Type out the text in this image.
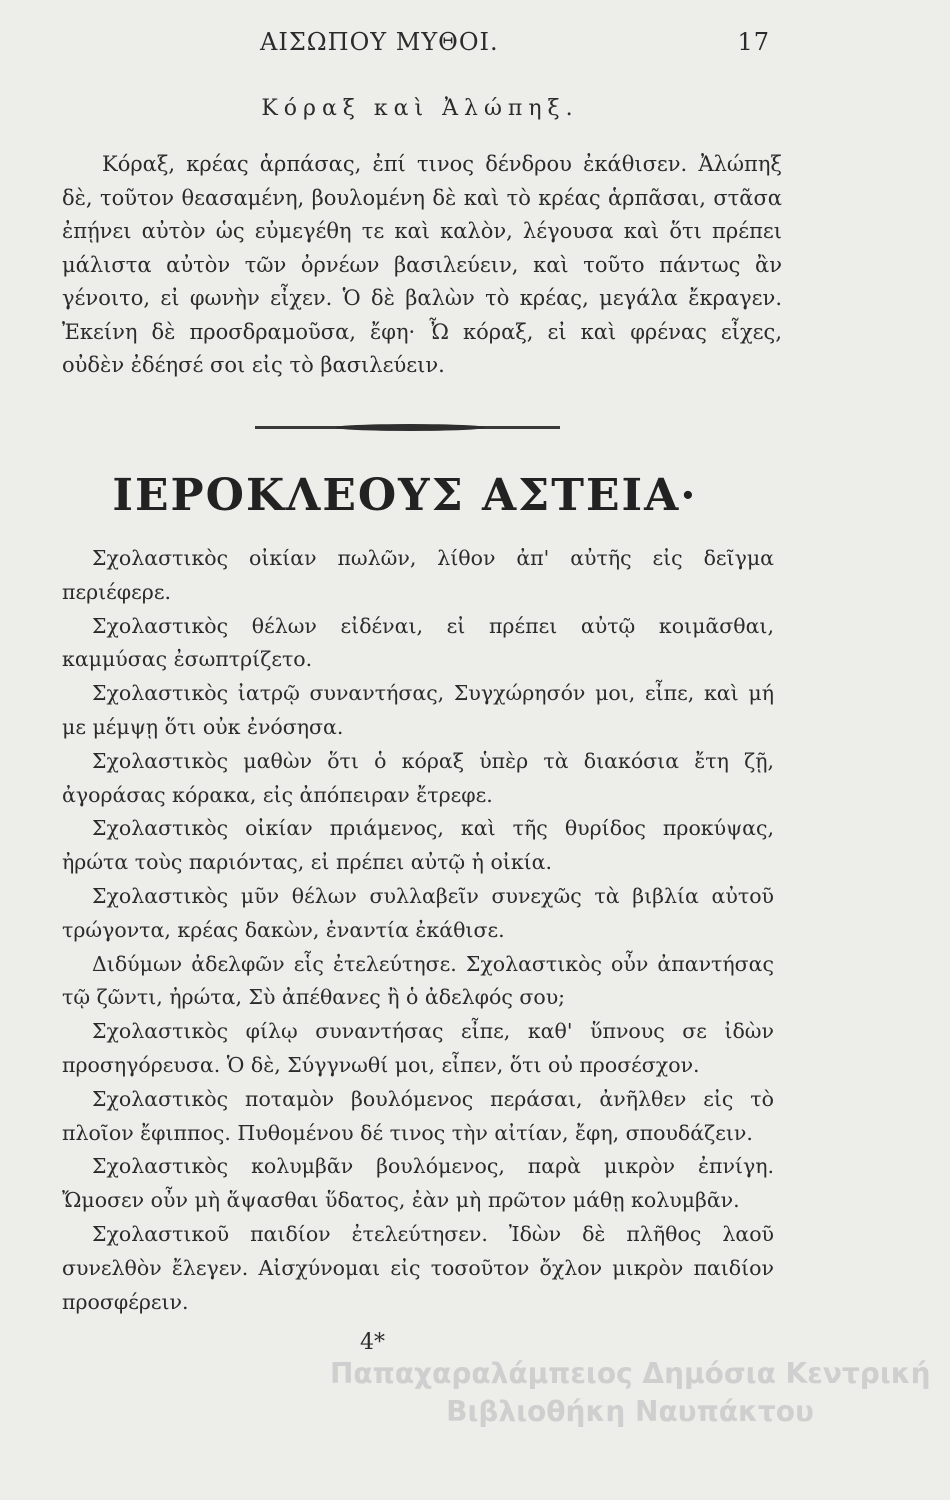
ΑΙΣΩΠΟΥ ΜΥΘΟΙ.	17
Κόραξ καὶ Ἀλώπηξ.

Κόραξ, κρέας ἁρπάσας, ἐπί τινος δένδρου ἐκάθισεν. Ἀλώπηξ δὲ, τοῦτον θεασαμένη, βουλομένη δὲ καὶ τὸ κρέας ἁρπᾶσαι, στᾶσα ἐπῄνει αὐτὸν ὡς εὐμεγέθη τε καὶ καλὸν, λέγουσα καὶ ὅτι πρέπει μάλιστα αὐτὸν τῶν ὀρνέων βασιλεύειν, καὶ τοῦτο πάντως ἂν γένοιτο, εἰ φωνὴν εἶχεν. Ὁ δὲ βαλὼν τὸ κρέας, μεγάλα ἔκραγεν. Ἐκείνη δὲ προσδραμοῦσα, ἔφη· Ὦ κόραξ, εἰ καὶ φρένας εἶχες, οὐδὲν ἐδέησέ σοι εἰς τὸ βασιλεύειν.

ΙΕΡΟΚΛΕΟΥΣ ΑΣΤΕΙΑ·

Σχολαστικὸς οἰκίαν πωλῶν, λίθον ἀπ' αὐτῆς εἰς δεῖγμα περιέφερε.

Σχολαστικὸς θέλων εἰδέναι, εἰ πρέπει αὐτῷ κοιμᾶσθαι, καμμύσας ἐσωπτρίζετο.

Σχολαστικὸς ἰατρῷ συναντήσας, Συγχώρησόν μοι, εἶπε, καὶ μή με μέμψῃ ὅτι οὐκ ἐνόσησα.

Σχολαστικὸς μαθὼν ὅτι ὁ κόραξ ὑπὲρ τὰ διακόσια ἔτη ζῇ, ἀγοράσας κόρακα, εἰς ἀπόπειραν ἔτρεφε.

Σχολαστικὸς οἰκίαν πριάμενος, καὶ τῆς θυρίδος προκύψας, ἠρώτα τοὺς παριόντας, εἰ πρέπει αὐτῷ ἡ οἰκία.

Σχολαστικὸς μῦν θέλων συλλαβεῖν συνεχῶς τὰ βιβλία αὐτοῦ τρώγοντα, κρέας δακὼν, ἐναντία ἐκάθισε.

Διδύμων ἀδελφῶν εἷς ἐτελεύτησε. Σχολαστικὸς οὖν ἀπαντήσας τῷ ζῶντι, ἠρώτα, Σὺ ἀπέθανες ἢ ὁ ἀδελφός σου;

Σχολαστικὸς φίλῳ συναντήσας εἶπε, καθ' ὕπνους σε ἰδὼν προσηγόρευσα. Ὁ δὲ, Σύγγνωθί μοι, εἶπεν, ὅτι οὐ προσέσχον.

Σχολαστικὸς ποταμὸν βουλόμενος περάσαι, ἀνῆλθεν εἰς τὸ πλοῖον ἔφιππος. Πυθομένου δέ τινος τὴν αἰτίαν, ἔφη, σπουδάζειν.

Σχολαστικὸς κολυμβᾶν βουλόμενος, παρὰ μικρὸν ἐπνίγη. Ὤμοσεν οὖν μὴ ἅψασθαι ὕδατος, ἐὰν μὴ πρῶτον μάθῃ κολυμβᾶν.

Σχολαστικοῦ παιδίον ἐτελεύτησεν. Ἰδὼν δὲ πλῆθος λαοῦ συνελθὸν ἔλεγεν. Αἰσχύνομαι εἰς τοσοῦτον ὄχλον μικρὸν παιδίον προσφέρειν.

4*
Παπαχαραλάμπειος Δημόσια Κεντρική
Βιβλιοθήκη Ναυπάκτου
